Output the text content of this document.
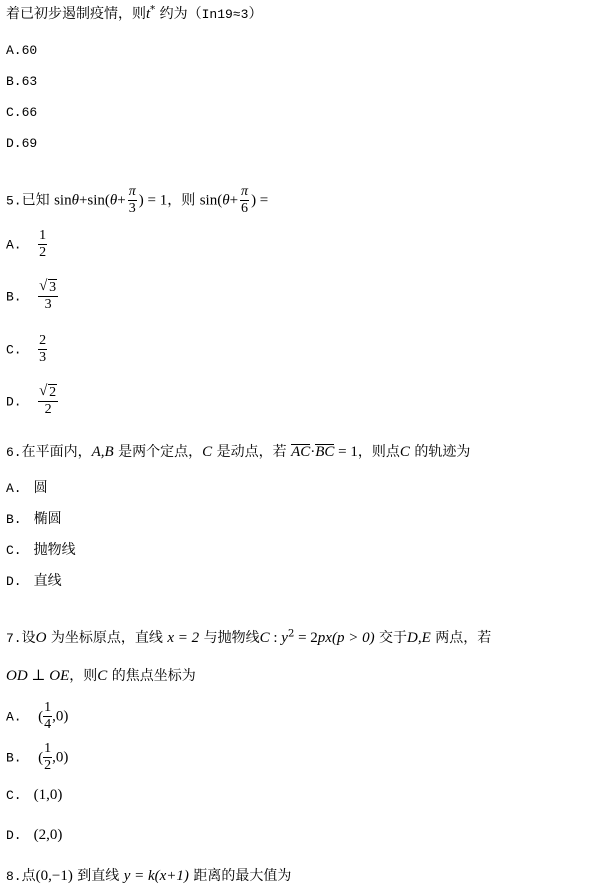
着已初步遏制疫情，则t* 约为（In19≈3）
A.60
B.63
C.66
D.69
5.已知 $\sin\theta+\sin(\theta+ \frac{\pi}{3}$ ) = 1，则 $\sin(\theta+ \frac{\pi}{6}$ ) =
A. $\frac{1}{2}$
B. $\frac{√ 3}{3}$
C. $\frac{2}{3}$
D. $\frac{√ 2}{2}$
6.在平面内，A,B 是两个定点，C 是动点，若 AC·BC = 1，则点C 的轨迹为
A. 圆
B. 椭圆
C. 抛物线
D. 直线
7.设O 为坐标原点，直线 x = 2 与抛物线C : $y^2 = 2px(p > 0)$ 交于D,E 两点，若
OD ⊥ OE，则C 的焦点坐标为
A. ( $\frac{1}{4} ,0$)
B. ( $\frac{1}{2} ,0$)
C. (1,0)
D. (2,0)
8.点(0,−1) 到直线 y = k(x+1) 距离的最大值为
